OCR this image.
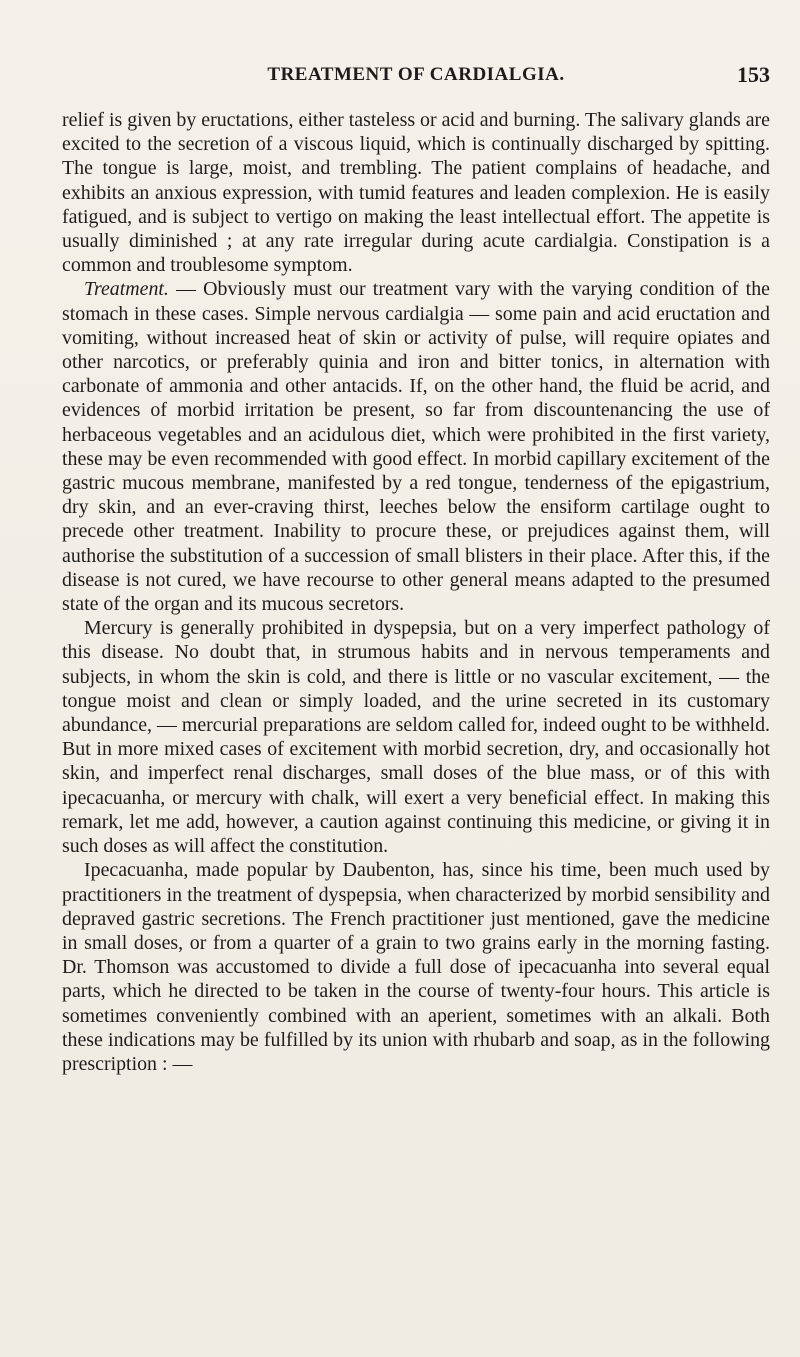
TREATMENT OF CARDIALGIA.	153

relief is given by eructations, either tasteless or acid and burning. The salivary glands are excited to the secretion of a viscous liquid, which is continually discharged by spitting. The tongue is large, moist, and trembling. The patient complains of headache, and exhibits an anxious expression, with tumid features and leaden complexion. He is easily fatigued, and is subject to vertigo on making the least intellectual effort. The appetite is usually diminished ; at any rate irregular during acute cardialgia. Constipation is a common and troublesome symptom.

Treatment. — Obviously must our treatment vary with the varying condition of the stomach in these cases. Simple nervous cardialgia — some pain and acid eructation and vomiting, without increased heat of skin or activity of pulse, will require opiates and other narcotics, or preferably quinia and iron and bitter tonics, in alternation with carbonate of ammonia and other antacids. If, on the other hand, the fluid be acrid, and evidences of morbid irritation be present, so far from discountenancing the use of herbaceous vegetables and an acidulous diet, which were prohibited in the first variety, these may be even recommended with good effect. In morbid capillary excitement of the gastric mucous membrane, manifested by a red tongue, tenderness of the epigastrium, dry skin, and an ever-craving thirst, leeches below the ensiform cartilage ought to precede other treatment. Inability to procure these, or prejudices against them, will authorise the substitution of a succession of small blisters in their place. After this, if the disease is not cured, we have recourse to other general means adapted to the presumed state of the organ and its mucous secretors.

Mercury is generally prohibited in dyspepsia, but on a very imperfect pathology of this disease. No doubt that, in strumous habits and in nervous temperaments and subjects, in whom the skin is cold, and there is little or no vascular excitement, — the tongue moist and clean or simply loaded, and the urine secreted in its customary abundance, — mercurial preparations are seldom called for, indeed ought to be withheld. But in more mixed cases of excitement with morbid secretion, dry, and occasionally hot skin, and imperfect renal discharges, small doses of the blue mass, or of this with ipecacuanha, or mercury with chalk, will exert a very beneficial effect. In making this remark, let me add, however, a caution against continuing this medicine, or giving it in such doses as will affect the constitution.

Ipecacuanha, made popular by Daubenton, has, since his time, been much used by practitioners in the treatment of dyspepsia, when characterized by morbid sensibility and depraved gastric secretions. The French practitioner just mentioned, gave the medicine in small doses, or from a quarter of a grain to two grains early in the morning fasting. Dr. Thomson was accustomed to divide a full dose of ipecacuanha into several equal parts, which he directed to be taken in the course of twenty-four hours. This article is sometimes conveniently combined with an aperient, sometimes with an alkali. Both these indications may be fulfilled by its union with rhubarb and soap, as in the following prescription : —
